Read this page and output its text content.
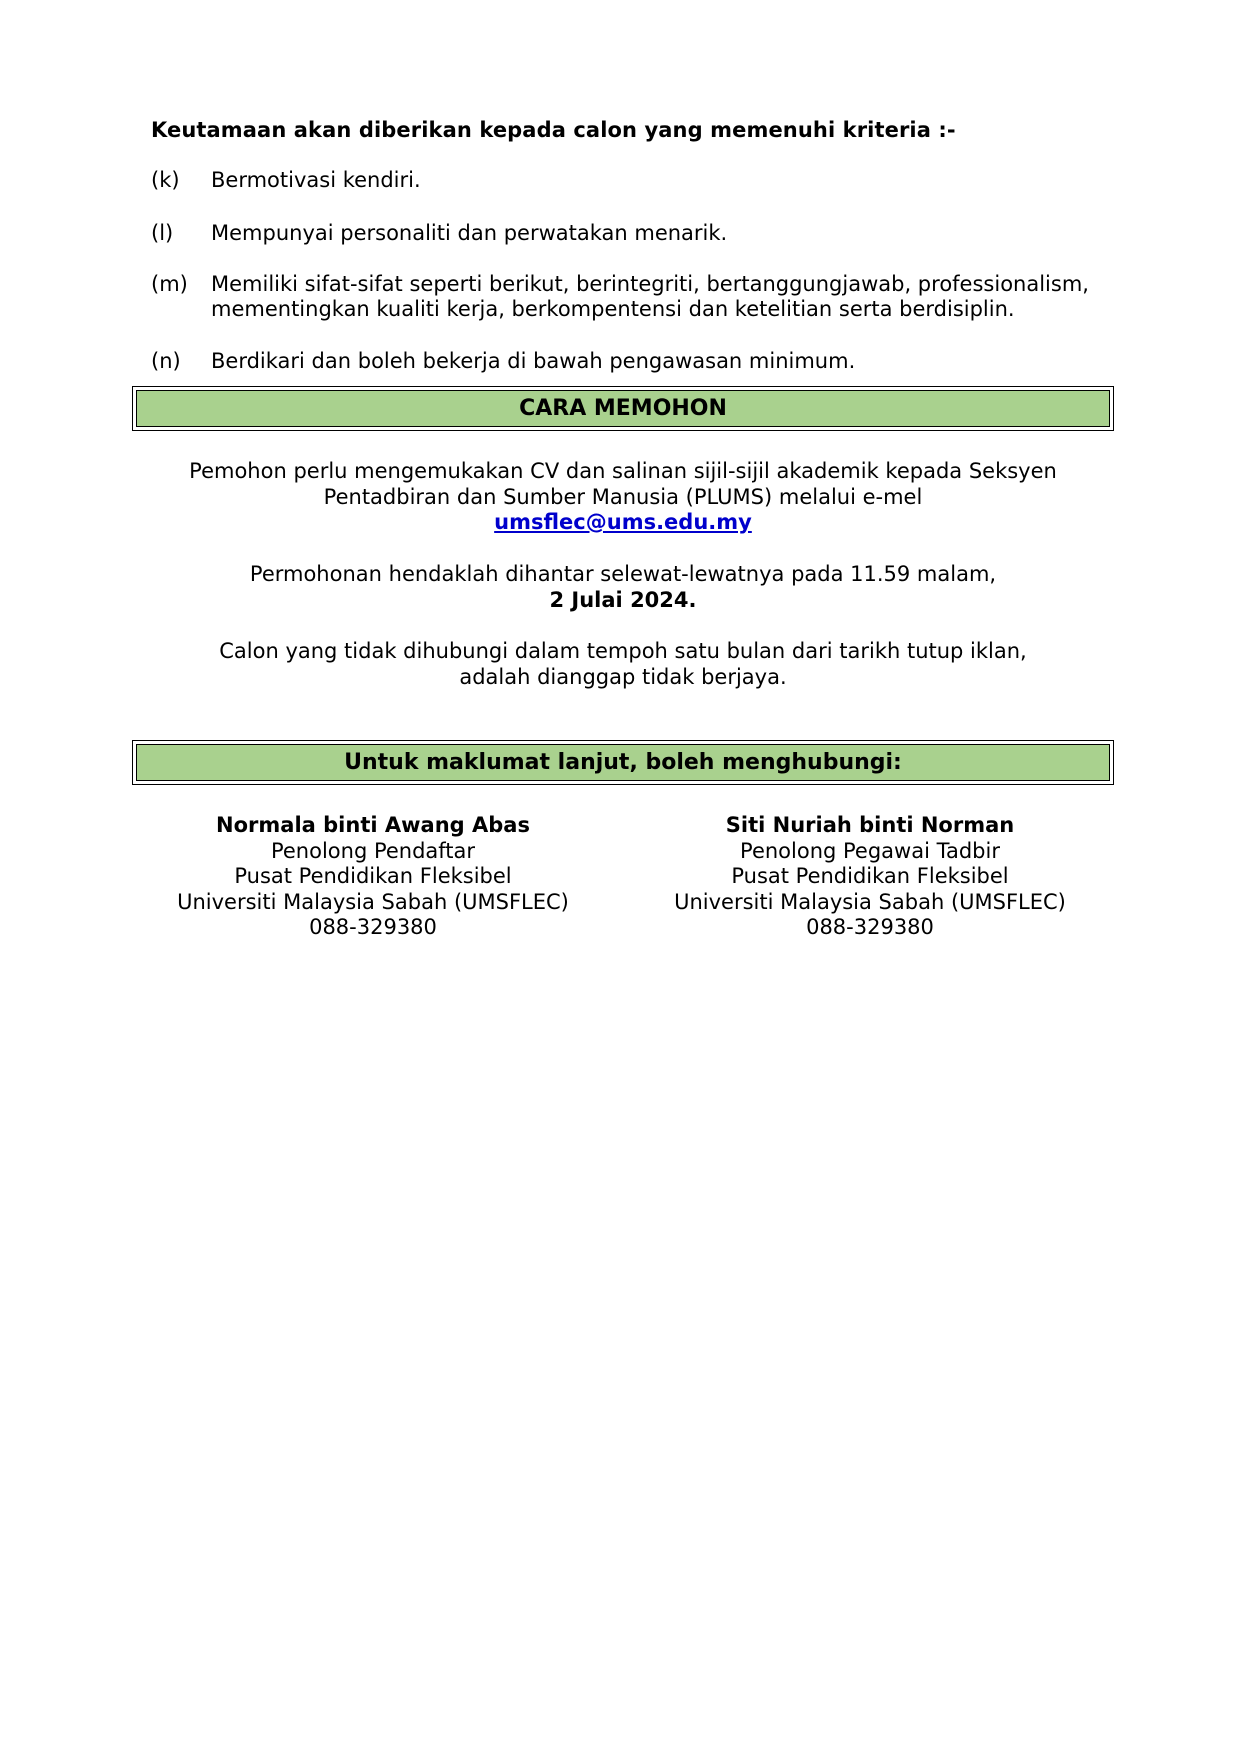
Keutamaan akan diberikan kepada calon yang memenuhi kriteria :-
(k)	Bermotivasi kendiri.
(l)	Mempunyai personaliti dan perwatakan menarik.
(m)	Memiliki sifat-sifat seperti berikut, berintegriti, bertanggungjawab, professionalism, mementingkan kualiti kerja, berkompentensi dan ketelitian serta berdisiplin.
(n)	Berdikari dan boleh bekerja di bawah pengawasan minimum.
CARA MEMOHON
Pemohon perlu mengemukakan CV dan salinan sijil-sijil akademik kepada Seksyen
Pentadbiran dan Sumber Manusia (PLUMS) melalui e-mel
umsflec@ums.edu.my
Permohonan hendaklah dihantar selewat-lewatnya pada 11.59 malam,
2 Julai 2024.
Calon yang tidak dihubungi dalam tempoh satu bulan dari tarikh tutup iklan,
adalah dianggap tidak berjaya.
Untuk maklumat lanjut, boleh menghubungi:
Normala binti Awang Abas
Penolong Pendaftar
Pusat Pendidikan Fleksibel
Universiti Malaysia Sabah (UMSFLEC)
088-329380
Siti Nuriah binti Norman
Penolong Pegawai Tadbir
Pusat Pendidikan Fleksibel
Universiti Malaysia Sabah (UMSFLEC)
088-329380
